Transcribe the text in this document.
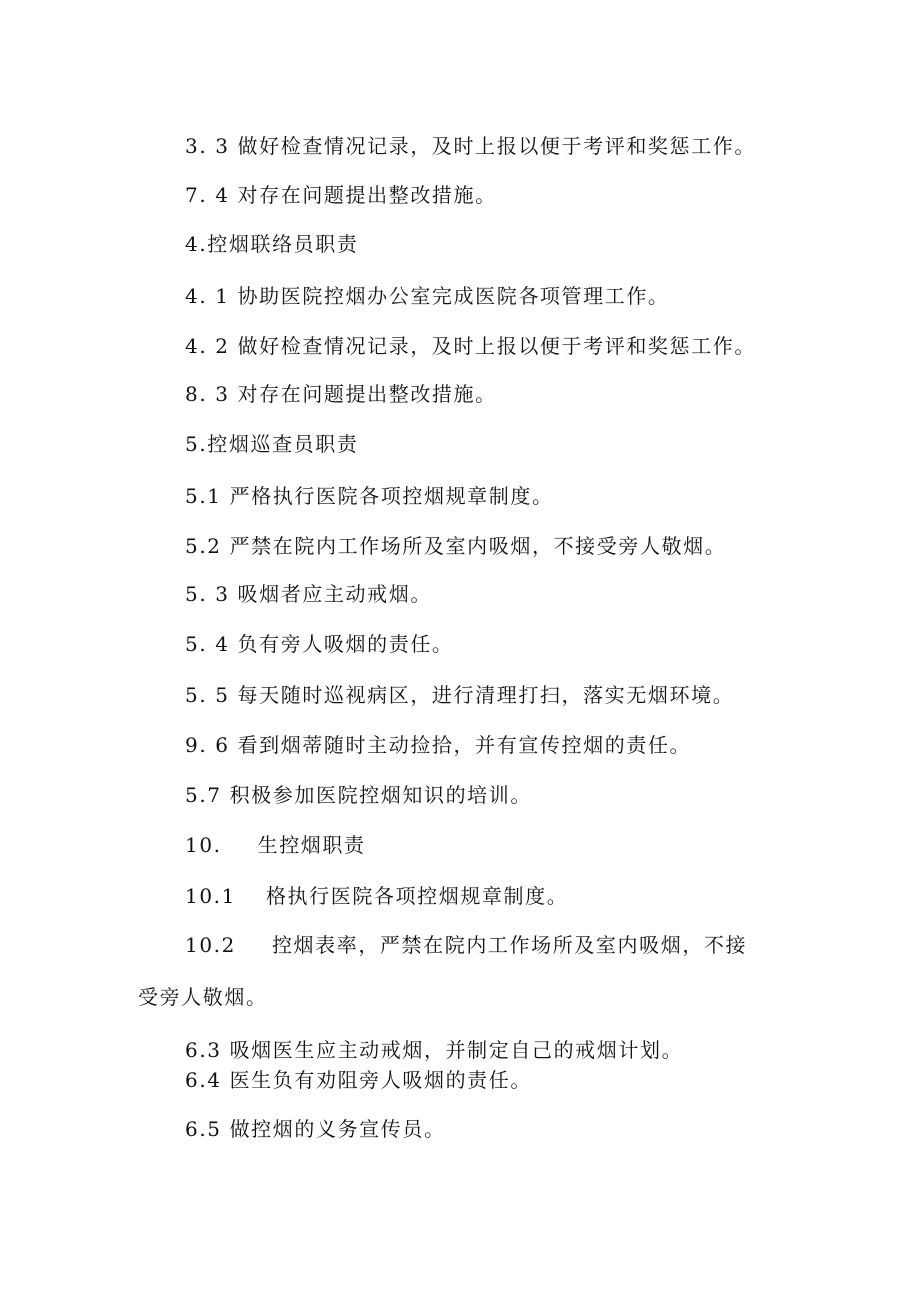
3. 3 做好检查情况记录，及时上报以便于考评和奖惩工作。
7. 4 对存在问题提出整改措施。
4.控烟联络员职责
4. 1 协助医院控烟办公室完成医院各项管理工作。
4. 2 做好检查情况记录，及时上报以便于考评和奖惩工作。
8. 3 对存在问题提出整改措施。
5.控烟巡查员职责
5.1 严格执行医院各项控烟规章制度。
5.2 严禁在院内工作场所及室内吸烟，不接受旁人敬烟。
5. 3 吸烟者应主动戒烟。
5. 4 负有旁人吸烟的责任。
5. 5 每天随时巡视病区，进行清理打扫，落实无烟环境。
9. 6 看到烟蒂随时主动捡拾，并有宣传控烟的责任。
5.7 积极参加医院控烟知识的培训。
10. 生控烟职责
10.1 格执行医院各项控烟规章制度。
10.2 控烟表率，严禁在院内工作场所及室内吸烟，不接
受旁人敬烟。
6.3 吸烟医生应主动戒烟，并制定自己的戒烟计划。
6.4 医生负有劝阻旁人吸烟的责任。
6.5 做控烟的义务宣传员。
